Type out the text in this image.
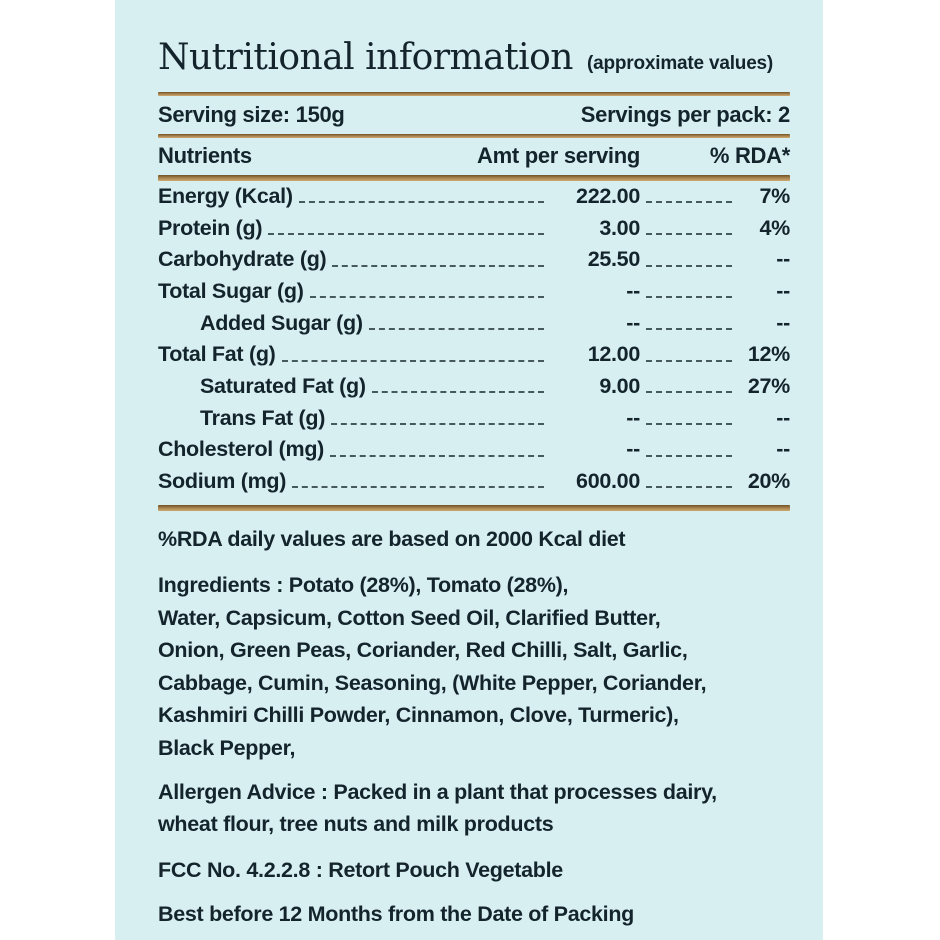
Nutritional information (approximate values)
Serving size: 150g	Servings per pack: 2
Nutrients	Amt per serving	% RDA*
Energy (Kcal)	222.00	7%
Protein (g)	3.00	4%
Carbohydrate (g)	25.50	--
Total Sugar (g)	--	--
Added Sugar (g)	--	--
Total Fat (g)	12.00	12%
Saturated Fat (g)	9.00	27%
Trans Fat (g)	--	--
Cholesterol (mg)	--	--
Sodium (mg)	600.00	20%

%RDA daily values are based on 2000 Kcal diet

Ingredients : Potato (28%), Tomato (28%),
Water, Capsicum, Cotton Seed Oil, Clarified Butter,
Onion, Green Peas, Coriander, Red Chilli, Salt, Garlic,
Cabbage, Cumin, Seasoning, (White Pepper, Coriander,
Kashmiri Chilli Powder, Cinnamon, Clove, Turmeric),
Black Pepper,
Allergen Advice : Packed in a plant that processes dairy,
wheat flour, tree nuts and milk products

FCC No. 4.2.2.8 : Retort Pouch Vegetable

Best before 12 Months from the Date of Packing
